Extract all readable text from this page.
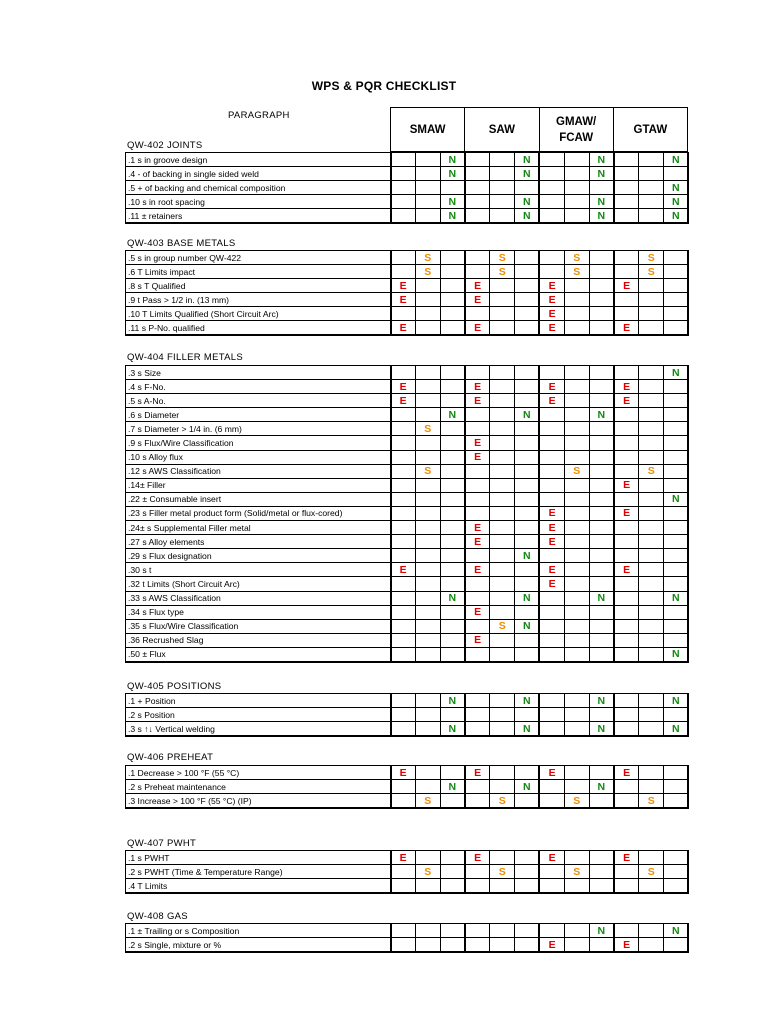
WPS & PQR CHECKLIST
PARAGRAPH
SMAW	SAW
GMAW/
FCAW
GTAW
QW-402 JOINTS
.1 s in groove design			N			N			N			N
.4 - of backing in single sided weld			N			N			N			
.5 + of backing and chemical composition												N
.10 s in root spacing			N			N			N			N
.11 ± retainers			N			N			N			N
QW-403 BASE METALS
.5 s in group number QW-422		S			S			S			S	
.6 T Limits impact		S			S			S			S	
.8 s T Qualified	E			E			E			E		
.9 t Pass > 1/2 in. (13 mm)	E			E			E					
.10 T Limits Qualified (Short Circuit Arc)							E					
.11 s P-No. qualified	E			E			E			E		
QW-404 FILLER METALS
.3 s Size												N
.4 s F-No.	E			E			E			E		
.5 s A-No.	E			E			E			E		
.6 s Diameter			N			N			N			
.7 s Diameter > 1/4 in. (6 mm)		S										
.9 s Flux/Wire Classification				E								
.10 s Alloy flux				E								
.12 s AWS Classification		S						S			S	
.14± Filler										E		
.22 ± Consumable insert												N
.23 s Filler metal product form (Solid/metal or flux-cored)							E			E		
.24± s Supplemental Filler metal				E			E					
.27 s Alloy elements				E			E					
.29 s Flux designation						N						
.30 s t	E			E			E			E		
.32 t Limits (Short Circuit Arc)							E					
.33 s AWS Classification			N			N			N			N
.34 s Flux type				E								
.35 s Flux/Wire Classification					S	N						
.36 Recrushed Slag				E								
.50 ± Flux												N
QW-405 POSITIONS
.1 + Position			N			N			N			N
.2 s Position												
.3 s ↑↓ Vertical welding			N			N			N			N
QW-406 PREHEAT
.1 Decrease > 100 °F (55 °C)	E			E			E			E		
.2 s Preheat maintenance			N			N			N			
.3 Increase > 100 °F (55 °C) (IP)		S			S			S			S	
QW-407 PWHT
.1 s PWHT	E			E			E			E		
.2 s PWHT (Time & Temperature Range)		S			S			S			S	
.4 T Limits												
QW-408 GAS
.1 ± Trailing or s Composition									N			N
.2 s Single, mixture or %							E			E		
